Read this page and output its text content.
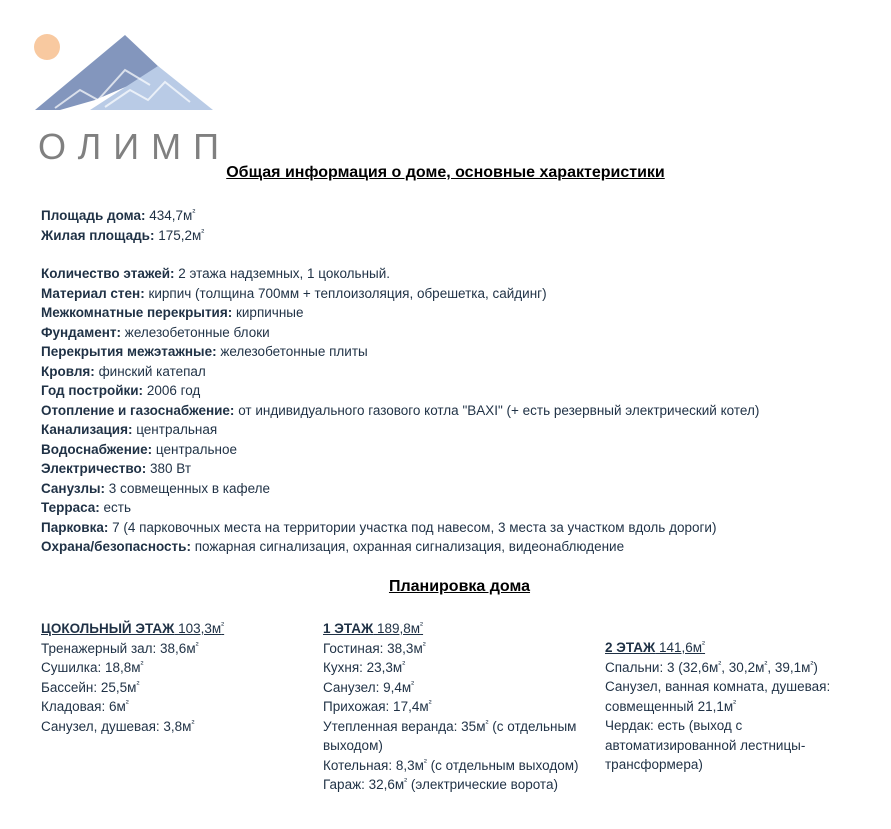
ОЛИМП
Общая информация о доме, основные характеристики
Площадь дома: $434,7м^{^2}$
Жилая площадь: $175,2м^{^2}$
Количество этажей: 2 этажа надземных, 1 цокольный.
Материал стен: кирпич (толщина 700мм + теплоизоляция, обрешетка, сайдинг)
Межкомнатные перекрытия: кирпичные
Фундамент: железобетонные блоки
Перекрытия межэтажные: железобетонные плиты
Кровля: финский катепал
Год постройки: 2006 год
Отопление и газоснабжение: от индивидуального газового котла "BAXI" (+ есть резервный электрический котел)
Канализация: центральная
Водоснабжение: центральное
Электричество: 380 Вт
Санузлы: 3 совмещенных в кафеле
Терраса: есть
Парковка: 7 (4 парковочных места на территории участка под навесом, 3 места за участком вдоль дороги)
Охрана/безопасность: пожарная сигнализация, охранная сигнализация, видеонаблюдение
Планировка дома
ЦОКОЛЬНЫЙ ЭТАЖ $103,3м^{^2}$
Тренажерный зал: $38,6м^{^2}$
Сушилка: $18,8м^{^2}$
Бассейн: $25,5м^{^2}$
Кладовая: $6м^{^2}$
Санузел, душевая: $3,8м^{^2}$
1 ЭТАЖ $189,8м^{^2}$
Гостиная: $38,3м^{^2}$
Кухня: $23,3м^{^2}$
Санузел: $9,4м^{^2}$
Прихожая: $17,4м^{^2}$
Утепленная веранда: $35м^{^2}$ (с отдельным выходом)
Котельная: $8,3м^{^2}$ (с отдельным выходом)
Гараж: $32,6м^{^2}$ (электрические ворота)
2 ЭТАЖ $141,6м^{^2}$
Спальни: 3 ($32,6м^{^2}$, $30,2м^{^2}$, $39,1м^{^2}$)
Санузел, ванная комната, душевая: совмещенный $21,1м^{^2}$
Чердак: есть (выход с автоматизированной лестницы-трансформера)
